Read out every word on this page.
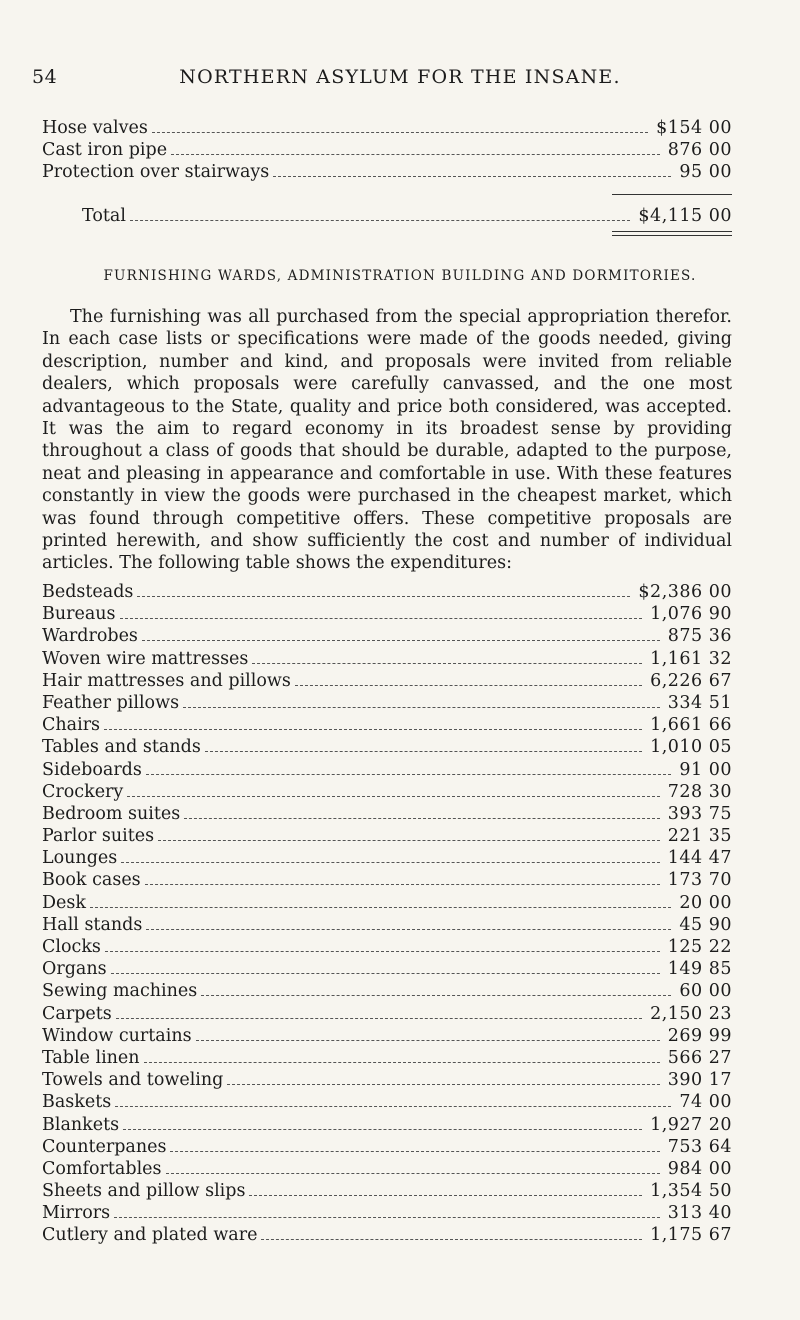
54	NORTHERN ASYLUM FOR THE INSANE.
Hose valves	$154 00
Cast iron pipe	876 00
Protection over stairways	95 00
Total	$4,115 00
FURNISHING WARDS, ADMINISTRATION BUILDING AND DORMITORIES.

The furnishing was all purchased from the special appropriation therefor. In each case lists or specifications were made of the goods needed, giving description, number and kind, and proposals were invited from reliable dealers, which proposals were carefully canvassed, and the one most advantageous to the State, quality and price both considered, was accepted. It was the aim to regard economy in its broadest sense by providing throughout a class of goods that should be durable, adapted to the purpose, neat and pleasing in appearance and comfortable in use. With these features constantly in view the goods were purchased in the cheapest market, which was found through competitive offers. These competitive proposals are printed herewith, and show sufficiently the cost and number of individual articles. The following table shows the expenditures:

Bedsteads	$2,386 00
Bureaus	1,076 90
Wardrobes	875 36
Woven wire mattresses	1,161 32
Hair mattresses and pillows	6,226 67
Feather pillows	334 51
Chairs	1,661 66
Tables and stands	1,010 05
Sideboards	91 00
Crockery	728 30
Bedroom suites	393 75
Parlor suites	221 35
Lounges	144 47
Book cases	173 70
Desk	20 00
Hall stands	45 90
Clocks	125 22
Organs	149 85
Sewing machines	60 00
Carpets	2,150 23
Window curtains	269 99
Table linen	566 27
Towels and toweling	390 17
Baskets	74 00
Blankets	1,927 20
Counterpanes	753 64
Comfortables	984 00
Sheets and pillow slips	1,354 50
Mirrors	313 40
Cutlery and plated ware	1,175 67
